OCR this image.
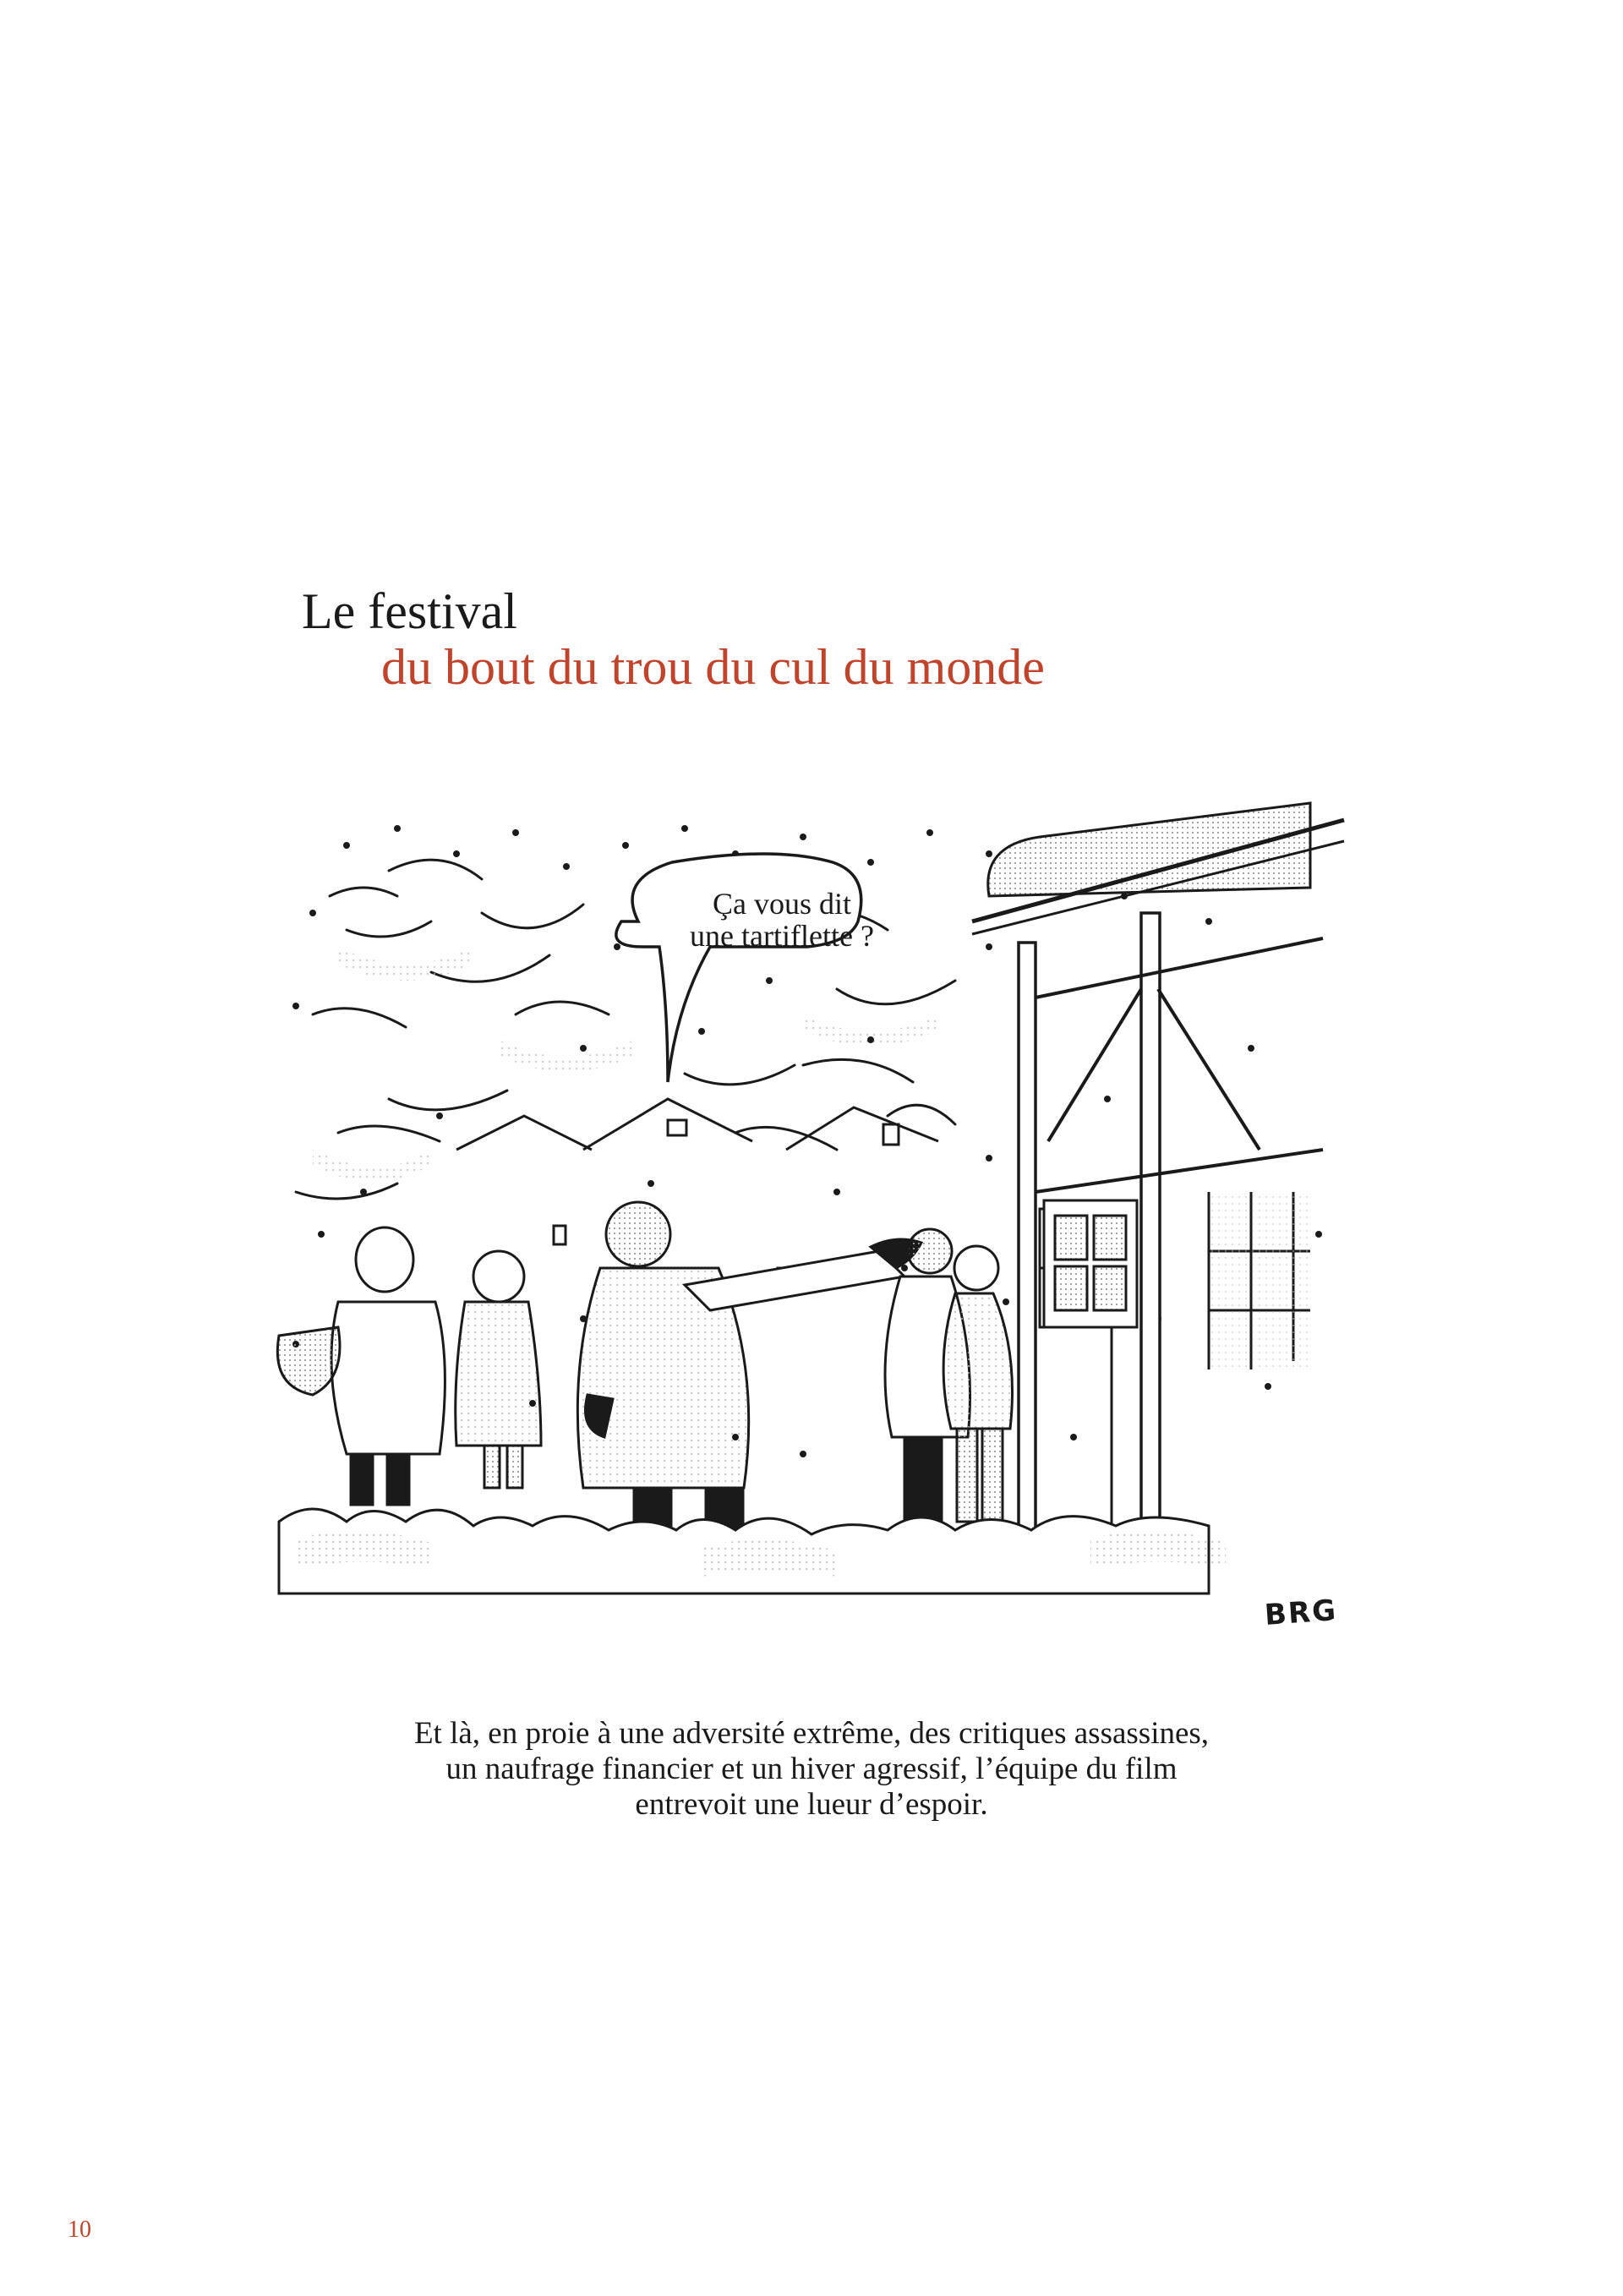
Le festival
du bout du trou du cul du monde
Ça vous dit
une tartiflette ?
BRG
Et là, en proie à une adversité extrême, des critiques assassines,
un naufrage financier et un hiver agressif, l’équipe du film
entrevoit une lueur d’espoir.
10
